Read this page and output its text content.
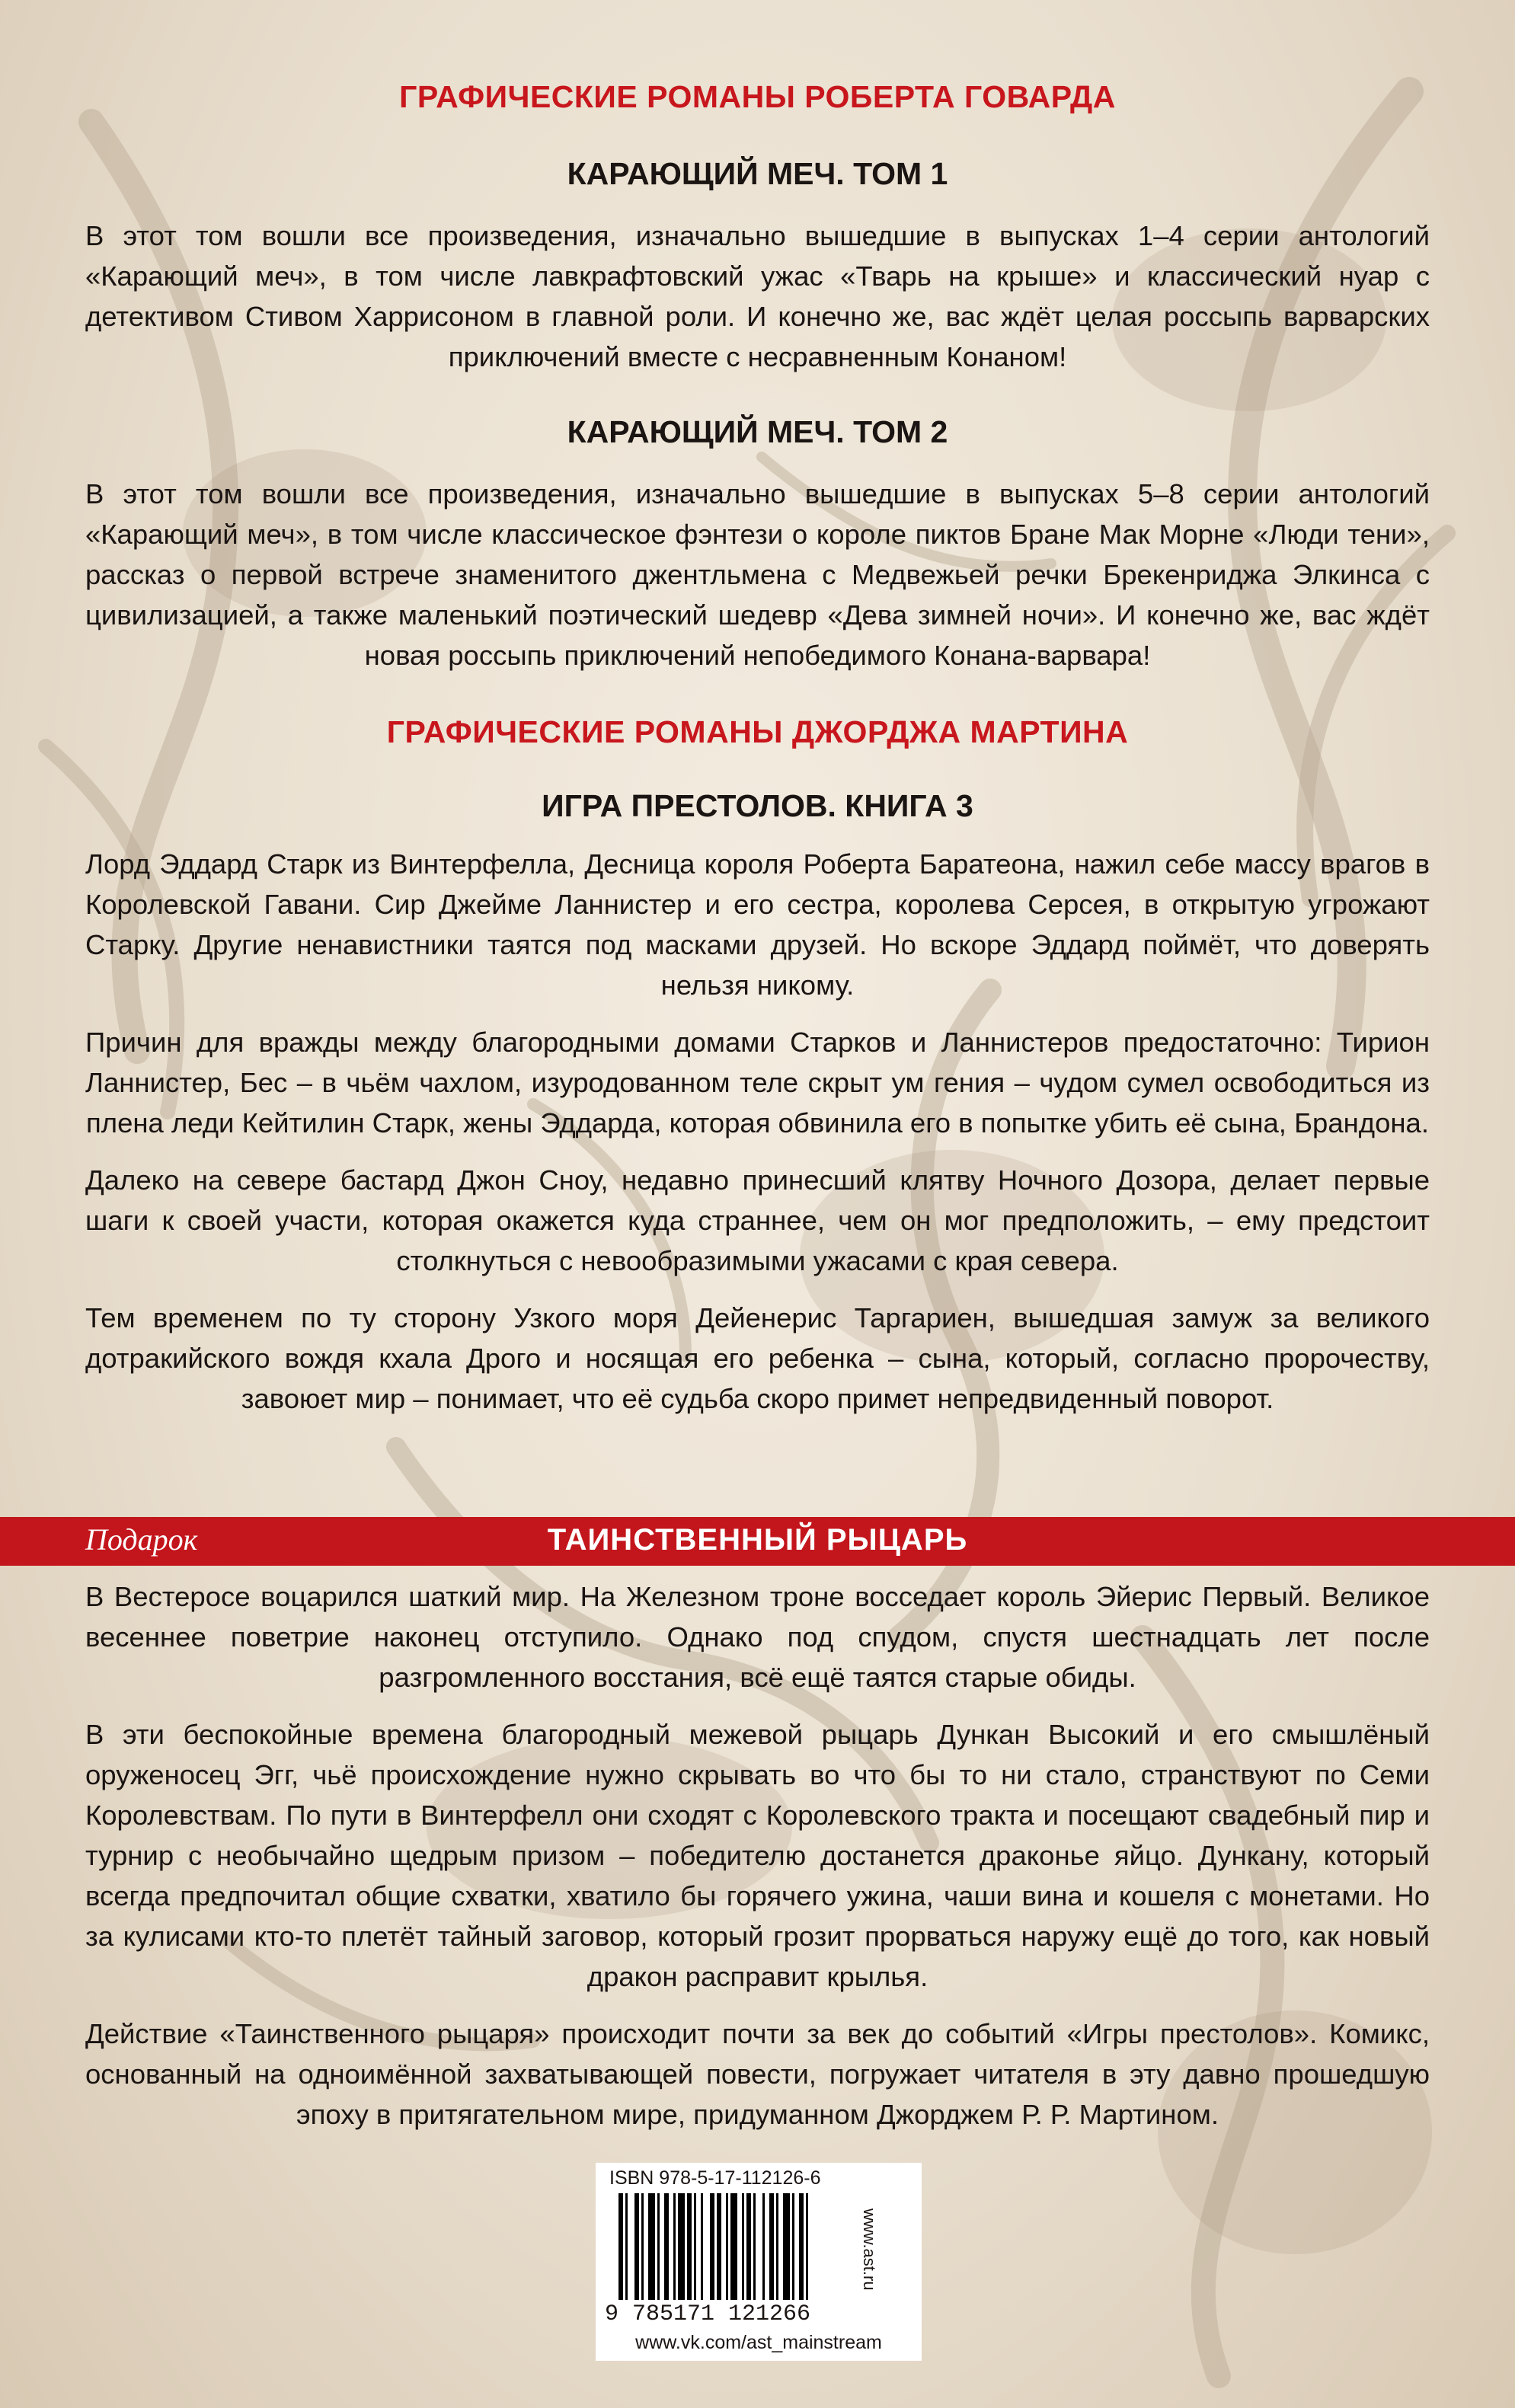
ГРАФИЧЕСКИЕ РОМАНЫ РОБЕРТА ГОВАРДА
КАРАЮЩИЙ МЕЧ. ТОМ 1

В этот том вошли все произведения, изначально вышедшие в выпусках 1–4 серии антологий «Карающий меч», в том числе лавкрафтовский ужас «Тварь на крыше» и классический нуар с детективом Стивом Харрисоном в главной роли. И конечно же, вас ждёт целая россыпь варварских приключений вместе с несравненным Конаном!

КАРАЮЩИЙ МЕЧ. ТОМ 2

В этот том вошли все произведения, изначально вышедшие в выпусках 5–8 серии антологий «Карающий меч», в том числе классическое фэнтези о короле пиктов Бране Мак Морне «Люди тени», рассказ о первой встрече знаменитого джентльмена с Медвежьей речки Брекенриджа Элкинса с цивилизацией, а также маленький поэтический шедевр «Дева зимней ночи». И конечно же, вас ждёт новая россыпь приключений непобедимого Конана-варвара!

ГРАФИЧЕСКИЕ РОМАНЫ ДЖОРДЖА МАРТИНА
ИГРА ПРЕСТОЛОВ. КНИГА 3

Лорд Эддард Старк из Винтерфелла, Десница короля Роберта Баратеона, нажил себе массу врагов в Королевской Гавани. Сир Джейме Ланнистер и его сестра, королева Серсея, в открытую угрожают Старку. Другие ненавистники таятся под масками друзей. Но вскоре Эддард поймёт, что доверять нельзя никому.

Причин для вражды между благородными домами Старков и Ланнистеров предостаточно: Тирион Ланнистер, Бес – в чьём чахлом, изуродованном теле скрыт ум гения – чудом сумел освободиться из плена леди Кейтилин Старк, жены Эддарда, которая обвинила его в попытке убить её сына, Брандона.

Далеко на севере бастард Джон Сноу, недавно принесший клятву Ночного Дозора, делает первые шаги к своей участи, которая окажется куда страннее, чем он мог предположить, – ему предстоит столкнуться с невообразимыми ужасами с края севера.

Тем временем по ту сторону Узкого моря Дейенерис Таргариен, вышедшая замуж за великого дотракийского вождя кхала Дрого и носящая его ребенка – сына, который, согласно пророчеству, завоюет мир – понимает, что её судьба скоро примет непредвиденный поворот.

Подарок	ТАИНСТВЕННЫЙ РЫЦАРЬ

В Вестеросе воцарился шаткий мир. На Железном троне восседает король Эйерис Первый. Великое весеннее поветрие наконец отступило. Однако под спудом, спустя шестнадцать лет после разгромленного восстания, всё ещё таятся старые обиды.

В эти беспокойные времена благородный межевой рыцарь Дункан Высокий и его смышлёный оруженосец Эгг, чьё происхождение нужно скрывать во что бы то ни стало, странствуют по Семи Королевствам. По пути в Винтерфелл они сходят с Королевского тракта и посещают свадебный пир и турнир с необычайно щедрым призом – победителю достанется драконье яйцо. Дункану, который всегда предпочитал общие схватки, хватило бы горячего ужина, чаши вина и кошеля с монетами. Но за кулисами кто-то плетёт тайный заговор, который грозит прорваться наружу ещё до того, как новый дракон расправит крылья.

Действие «Таинственного рыцаря» происходит почти за век до событий «Игры престолов». Комикс, основанный на одноимённой захватывающей повести, погружает читателя в эту давно прошедшую эпоху в притягательном мире, придуманном Джорджем Р. Р. Мартином.

ISBN 978-5-17-112126-6
9 785171 121266
www.vk.com/ast_mainstream
www.ast.ru
